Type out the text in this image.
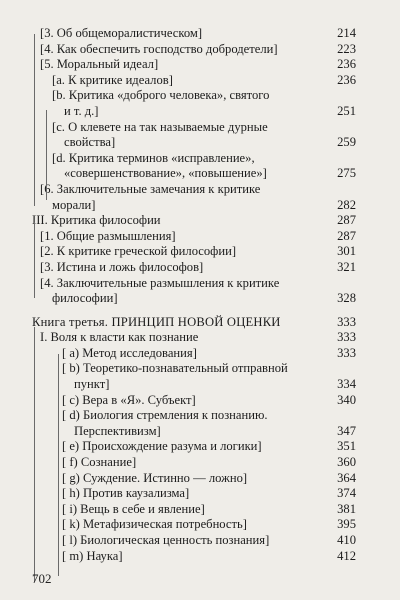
[3. Об общеморалистическом]	214
[4. Как обеспечить господство добродетели]	223
[5. Моральный идеал]	236
[а. К критике идеалов]	236
[b. Критика «доброго человека», святого
и т. д.]	251
[с. О клевете на так называемые дурные
свойства]	259
[d. Критика терминов «исправление»,
«совершенствование», «повышение»]	275
[6. Заключительные замечания к критике
морали]	282
III. Критика философии	287
[1. Общие размышления]	287
[2. К критике греческой философии]	301
[3. Истина и ложь философов]	321
[4. Заключительные размышления к критике
философии]	328
Книга третья. ПРИНЦИП НОВОЙ ОЦЕНКИ	333
I. Воля к власти как познание	333
[ a) Метод исследования]	333
[ b) Теоретико-познавательный отправной
пункт]	334
[ c) Вера в «Я». Субъект]	340
[ d) Биология стремления к познанию.
Перспективизм]	347
[ e) Происхождение разума и логики]	351
[ f) Сознание]	360
[ g) Суждение. Истинно — ложно]	364
[ h) Против каузализма]	374
[ i) Вещь в себе и явление]	381
[ k) Метафизическая потребность]	395
[ l) Биологическая ценность познания]	410
[ m) Наука]	412
702
